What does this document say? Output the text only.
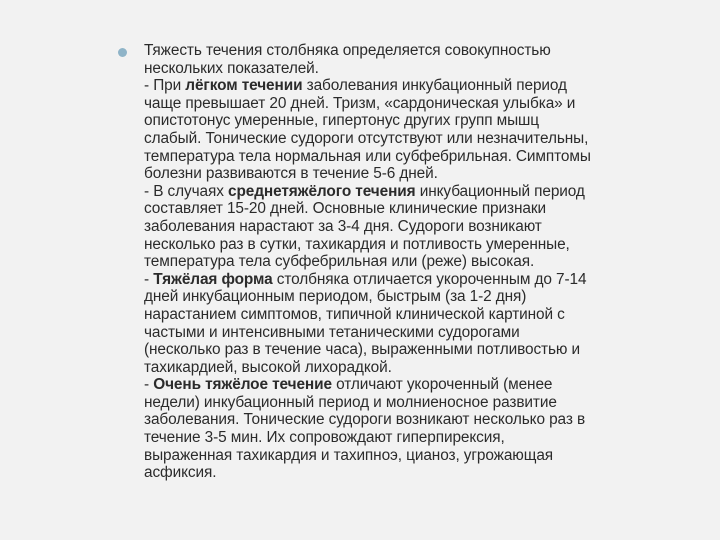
Тяжесть течения столбняка определяется совокупностью
нескольких показателей.
- При лёгком течении заболевания инкубационный период
чаще превышает 20 дней. Тризм, «сардоническая улыбка» и
опистотонус умеренные, гипертонус других групп мышц
слабый. Тонические судороги отсутствуют или незначительны,
температура тела нормальная или субфебрильная. Симптомы
болезни развиваются в течение 5-6 дней.
- В случаях среднетяжёлого течения инкубационный период
составляет 15-20 дней. Основные клинические признаки
заболевания нарастают за 3-4 дня. Судороги возникают
несколько раз в сутки, тахикардия и потливость умеренные,
температура тела субфебрильная или (реже) высокая.
- Тяжёлая форма столбняка отличается укороченным до 7-14
дней инкубационным периодом, быстрым (за 1-2 дня)
нарастанием симптомов, типичной клинической картиной с
частыми и интенсивными тетаническими судорогами
(несколько раз в течение часа), выраженными потливостью и
тахикардией, высокой лихорадкой.
- Очень тяжёлое течение отличают укороченный (менее
недели) инкубационный период и молниеносное развитие
заболевания. Тонические судороги возникают несколько раз в
течение 3-5 мин. Их сопровождают гиперпирексия,
выраженная тахикардия и тахипноэ, цианоз, угрожающая
асфиксия.
